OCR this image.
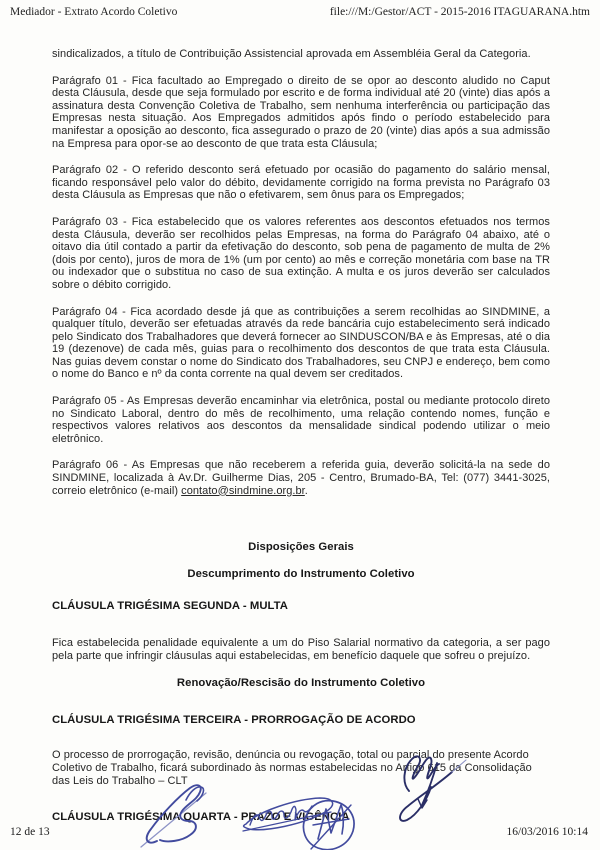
Mediador - Extrato Acordo Coletivo	file:///M:/Gestor/ACT - 2015-2016 ITAGUARANA.htm
sindicalizados, a título de Contribuição Assistencial aprovada em Assembléia Geral da Categoria.
Parágrafo 01 - Fica facultado ao Empregado o direito de se opor ao desconto aludido no Caput desta Cláusula, desde que seja formulado por escrito e de forma individual até 20 (vinte) dias após a assinatura desta Convenção Coletiva de Trabalho, sem nenhuma interferência ou participação das Empresas nesta situação. Aos Empregados admitidos após findo o período estabelecido para manifestar a oposição ao desconto, fica assegurado o prazo de 20 (vinte) dias após a sua admissão na Empresa para opor-se ao desconto de que trata esta Cláusula;
Parágrafo 02 - O referido desconto será efetuado por ocasião do pagamento do salário mensal, ficando responsável pelo valor do débito, devidamente corrigido na forma prevista no Parágrafo 03 desta Cláusula as Empresas que não o efetivarem, sem ônus para os Empregados;
Parágrafo 03 - Fica estabelecido que os valores referentes aos descontos efetuados nos termos desta Cláusula, deverão ser recolhidos pelas Empresas, na forma do Parágrafo 04 abaixo, até o oitavo dia útil contado a partir da efetivação do desconto, sob pena de pagamento de multa de 2% (dois por cento), juros de mora de 1% (um por cento) ao mês e correção monetária com base na TR ou indexador que o substitua no caso de sua extinção. A multa e os juros deverão ser calculados sobre o débito corrigido.
Parágrafo 04 - Fica acordado desde já que as contribuições a serem recolhidas ao SINDMINE, a qualquer título, deverão ser efetuadas através da rede bancária cujo estabelecimento será indicado pelo Sindicato dos Trabalhadores que deverá fornecer ao SINDUSCON/BA e às Empresas, até o dia 19 (dezenove) de cada mês, guias para o recolhimento dos descontos de que trata esta Cláusula. Nas guias devem constar o nome do Sindicato dos Trabalhadores, seu CNPJ e endereço, bem como o nome do Banco e nº da conta corrente na qual devem ser creditados.
Parágrafo 05 - As Empresas deverão encaminhar via eletrônica, postal ou mediante protocolo direto no Sindicato Laboral, dentro do mês de recolhimento, uma relação contendo nomes, função e respectivos valores relativos aos descontos da mensalidade sindical podendo utilizar o meio eletrônico.
Parágrafo 06 - As Empresas que não receberem a referida guia, deverão solicitá-la na sede do SINDMINE, localizada à Av.Dr. Guilherme Dias, 205 - Centro, Brumado-BA, Tel: (077) 3441-3025, correio eletrônico (e-mail) contato@sindmine.org.br.
Disposições Gerais
Descumprimento do Instrumento Coletivo
CLÁUSULA TRIGÉSIMA SEGUNDA - MULTA
Fica estabelecida penalidade equivalente a um do Piso Salarial normativo da categoria, a ser pago pela parte que infringir cláusulas aqui estabelecidas, em benefício daquele que sofreu o prejuízo.
Renovação/Rescisão do Instrumento Coletivo
CLÁUSULA TRIGÉSIMA TERCEIRA - PRORROGAÇÃO DE ACORDO
O processo de prorrogação, revisão, denúncia ou revogação, total ou parcial do presente Acordo Coletivo de Trabalho, ficará subordinado às normas estabelecidas no Artigo 615 da Consolidação das Leis do Trabalho – CLT
CLÁUSULA TRIGÉSIMA QUARTA - PRAZO E VIGÊNCIA
12 de 13	16/03/2016 10:14
